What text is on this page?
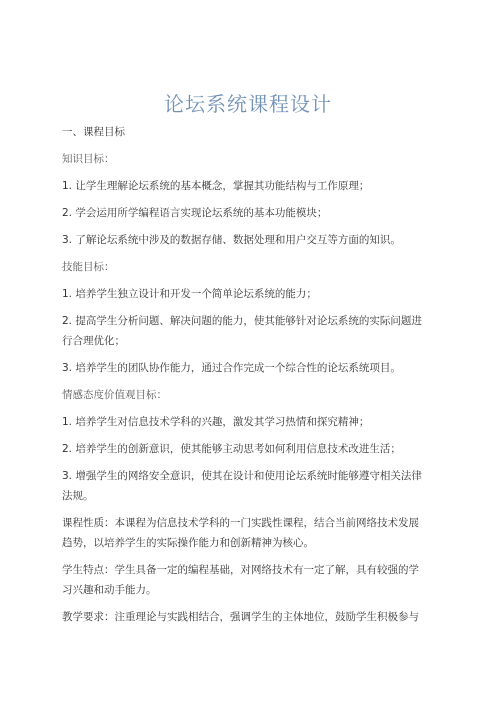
论坛系统课程设计

一、课程目标

知识目标：

1. 让学生理解论坛系统的基本概念，掌握其功能结构与工作原理；

2. 学会运用所学编程语言实现论坛系统的基本功能模块；

3. 了解论坛系统中涉及的数据存储、数据处理和用户交互等方面的知识。

技能目标：

1. 培养学生独立设计和开发一个简单论坛系统的能力；

2. 提高学生分析问题、解决问题的能力，使其能够针对论坛系统的实际问题进

行合理优化；

3. 培养学生的团队协作能力，通过合作完成一个综合性的论坛系统项目。

情感态度价值观目标：

1. 培养学生对信息技术学科的兴趣，激发其学习热情和探究精神；

2. 培养学生的创新意识，使其能够主动思考如何利用信息技术改进生活；

3. 增强学生的网络安全意识，使其在设计和使用论坛系统时能够遵守相关法律

法规。

课程性质：本课程为信息技术学科的一门实践性课程，结合当前网络技术发展

趋势，以培养学生的实际操作能力和创新精神为核心。

学生特点：学生具备一定的编程基础，对网络技术有一定了解，具有较强的学

习兴趣和动手能力。

教学要求：注重理论与实践相结合，强调学生的主体地位，鼓励学生积极参与
